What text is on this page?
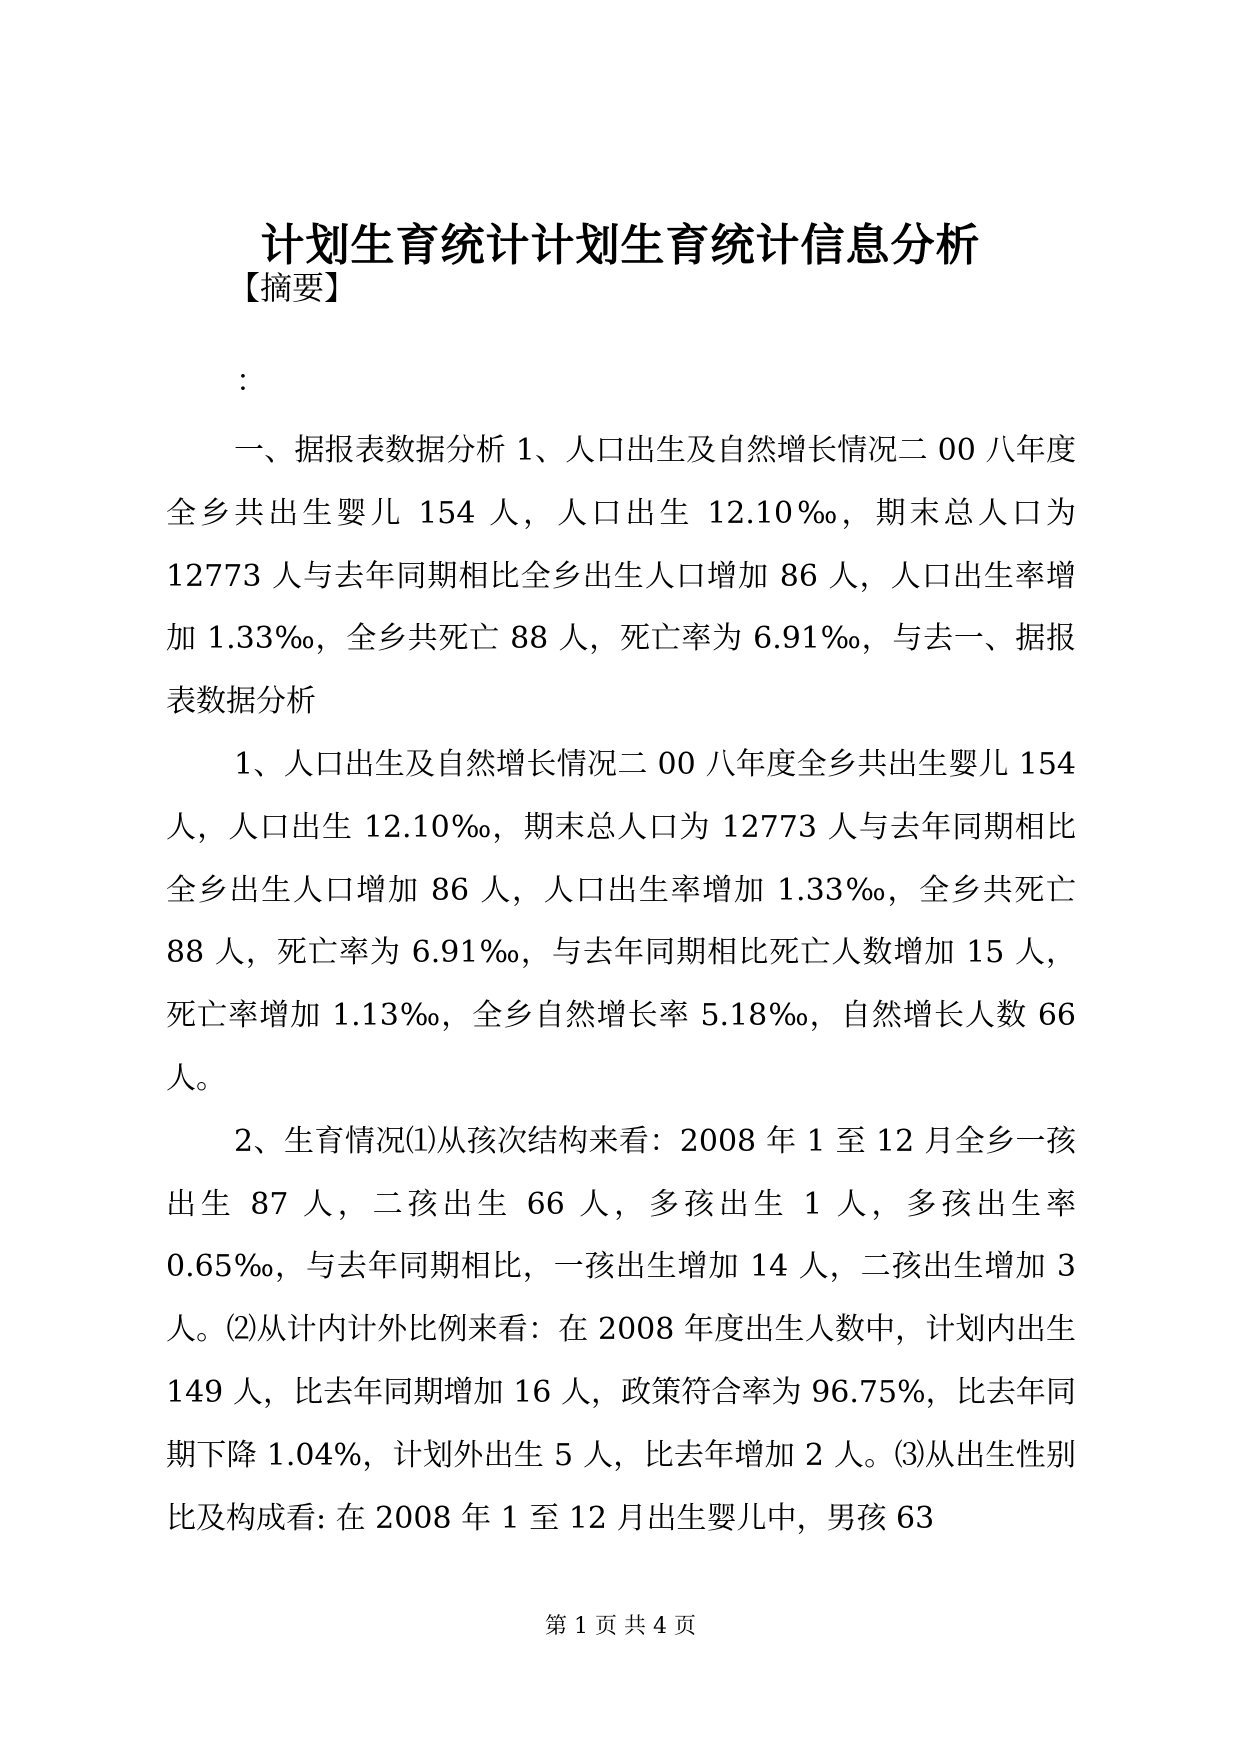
计划生育统计计划生育统计信息分析
【摘要】
：

一、据报表数据分析 1、人口出生及自然增长情况二 00 八年度全乡共出生婴儿 154 人，人口出生 12.10‰，期末总人口为 12773 人与去年同期相比全乡出生人口增加 86 人，人口出生率增加 1.33‰，全乡共死亡 88 人，死亡率为 6.91‰，与去一、据报表数据分析

1、人口出生及自然增长情况二 00 八年度全乡共出生婴儿 154 人，人口出生 12.10‰，期末总人口为 12773 人与去年同期相比全乡出生人口增加 86 人，人口出生率增加 1.33‰，全乡共死亡 88 人，死亡率为 6.91‰，与去年同期相比死亡人数增加 15 人，死亡率增加 1.13‰，全乡自然增长率 5.18‰，自然增长人数 66 人。

2、生育情况⑴从孩次结构来看：2008 年 1 至 12 月全乡一孩出生 87 人，二孩出生 66 人，多孩出生 1 人，多孩出生率 0.65‰，与去年同期相比，一孩出生增加 14 人，二孩出生增加 3 人。⑵从计内计外比例来看：在 2008 年度出生人数中，计划内出生 149 人，比去年同期增加 16 人，政策符合率为 96.75%，比去年同期下降 1.04%，计划外出生 5 人，比去年增加 2 人。⑶从出生性别比及构成看: 在 2008 年 1 至 12 月出生婴儿中，男孩 63

第 1 页 共 4 页
